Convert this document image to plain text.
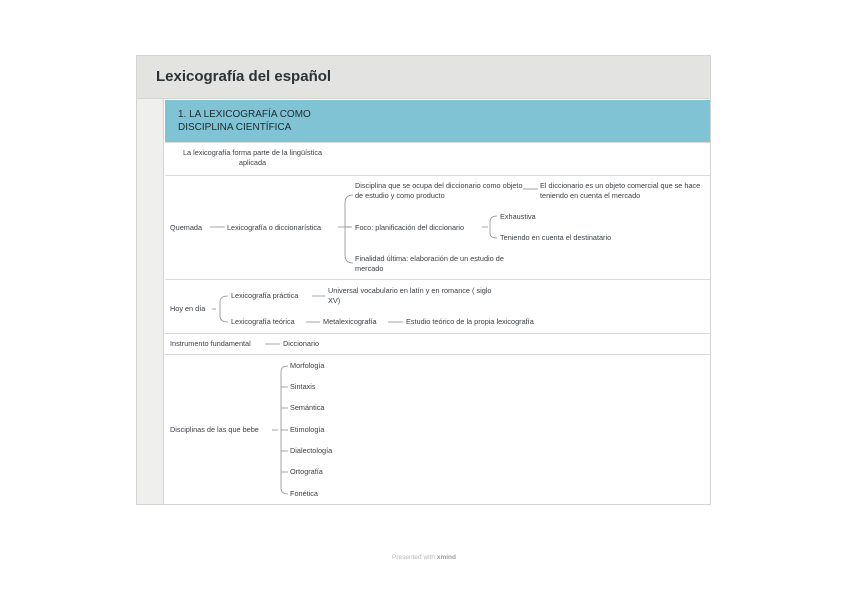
Lexicografía del español
1. LA LEXICOGRAFÍA COMO DISCIPLINA CIENTÍFICA
La lexicografía forma parte de la lingüística aplicada
Quemada	Lexicografía o diccionarística
Disciplina que se ocupa del diccionario como objeto de estudio y como producto
El diccionario es un objeto comercial que se hace teniendo en cuenta el mercado
Foco: planificación del diccionario
Exhaustiva
Teniendo en cuenta el destinatario
Finalidad última: elaboración de un estudio de mercado
Hoy en día
Lexicografía práctica
Universal vocabulario en latín y en romance ( siglo XV)
Lexicografía teórica	Metalexicografía	Estudio teórico de la propia lexicografía
Instrumento fundamental	Diccionario
Disciplinas de las que bebe
Morfología
Sintaxis
Semántica
Etimología
Dialectología
Ortografía
Fonética
Presented with xmind
